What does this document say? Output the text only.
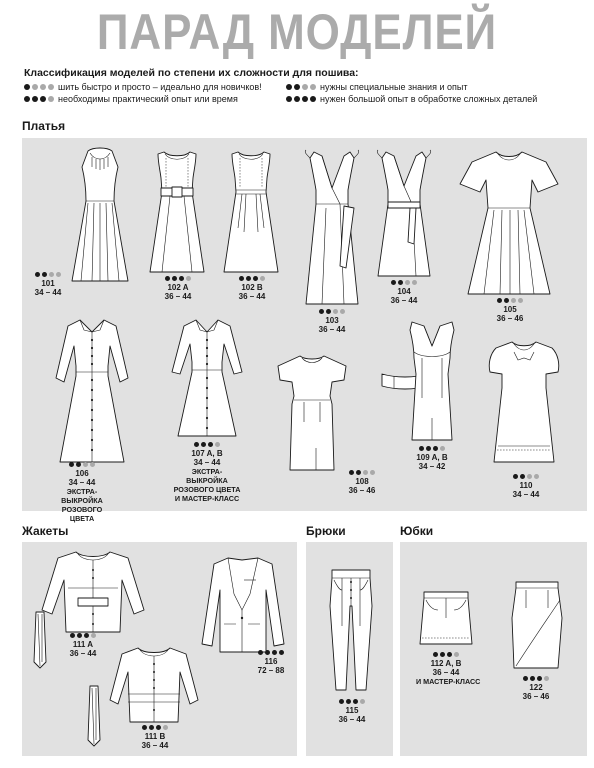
ПАРАД МОДЕЛЕЙ
Классификация моделей по степени их сложности для пошива:
шить быстро и просто – идеально для новичков!	нужны специальные знания и опыт
необходимы практический опыт или время	нужен большой опыт в обработке сложных деталей
Платья
Жакеты	Брюки	Юбки
101
34 – 44
102 A
36 – 44
102 B
36 – 44
103
36 – 44
104
36 – 44
105
36 – 46
106
34 – 44
ЭКСТРА-ВЫКРОЙКА РОЗОВОГО ЦВЕТА
107 A, B
34 – 44
ЭКСТРА-ВЫКРОЙКА РОЗОВОГО ЦВЕТА И МАСТЕР-КЛАСС
108
36 – 46
109 A, B
34 – 42
110
34 – 44
111 A
36 – 44
111 B
36 – 44
116
72 – 88
115
36 – 44
112 A, B
36 – 44
И МАСТЕР-КЛАСС
122
36 – 46
